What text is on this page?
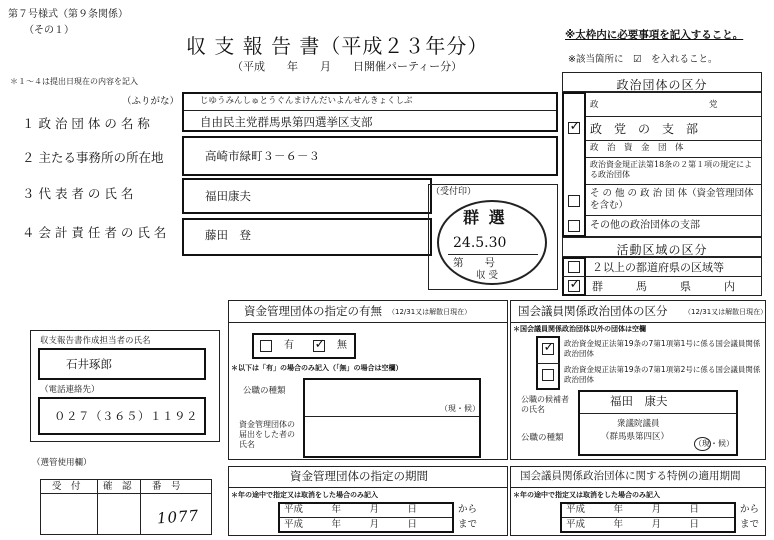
第７号様式（第９条関係）
（その１）
収 支 報 告 書（平成２３年分）
（平成　　年　　月　　日開催パーティー分）
※太枠内に必要事項を記入すること。
※該当箇所に　☑　を入れること。
＊１～４は提出日現在の内容を記入
（ふりがな）
１ 政 治 団 体 の 名 称
２ 主たる事務所の所在地
３ 代 表 者 の 氏 名
４ 会 計 責 任 者 の 氏 名
じゆうみんしゅとうぐんまけんだいよんせんきょくしぶ
自由民主党群馬県第四選挙区支部
高崎市緑町３－６－３
福田康夫
藤田　登
（受付印）
群 選
24.5.30
第　　号
収 受
政治団体の区分
政　　　　　　　　　　　　　党
✓ 政　党　の　支　部
政　治　資　金　団　体
政治資金規正法第18条の２第１項の規定による政治団体
そ の 他 の 政 治 団 体（資金管理団体を含む）
その他の政治団体の支部
活動区域の区分
２以上の都道府県の区域等
✓ 群　　　馬　　　県　　　内
収支報告書作成担当者の氏名
石井琢郎
（電話連絡先）
０２７（３６５）１１９２
（選管使用欄）
受　付 確　認 番　号
1077
資金管理団体の指定の有無 （12/31又は解散日現在）
有 ✓ 無
＊以下は「有」の場合のみ記入（「無」の場合は空欄）
公職の種類
資金管理団体の届出をした者の氏名
（現・候）
資金管理団体の指定の期間
＊年の途中で指定又は取消をした場合のみ記入
平成　　　年　　　月　　　日
平成　　　年　　　月　　　日
から
まで
国会議員関係政治団体の区分 （12/31又は解散日現在）
＊国会議員関係政治団体以外の団体は空欄
✓ 政治資金規正法第19条の7第1項第1号に係る国会議員関係政治団体
政治資金規正法第19条の7第1項第2号に係る国会議員関係政治団体
公職の候補者の氏名
公職の種類
福田　康夫
衆議院議員
（群馬県第四区）
（現・候）
国会議員関係政治団体に関する特例の適用期間
＊年の途中で指定又は取消をした場合のみ記入
平成　　　年　　　月　　　日
平成　　　年　　　月　　　日
から
まで
